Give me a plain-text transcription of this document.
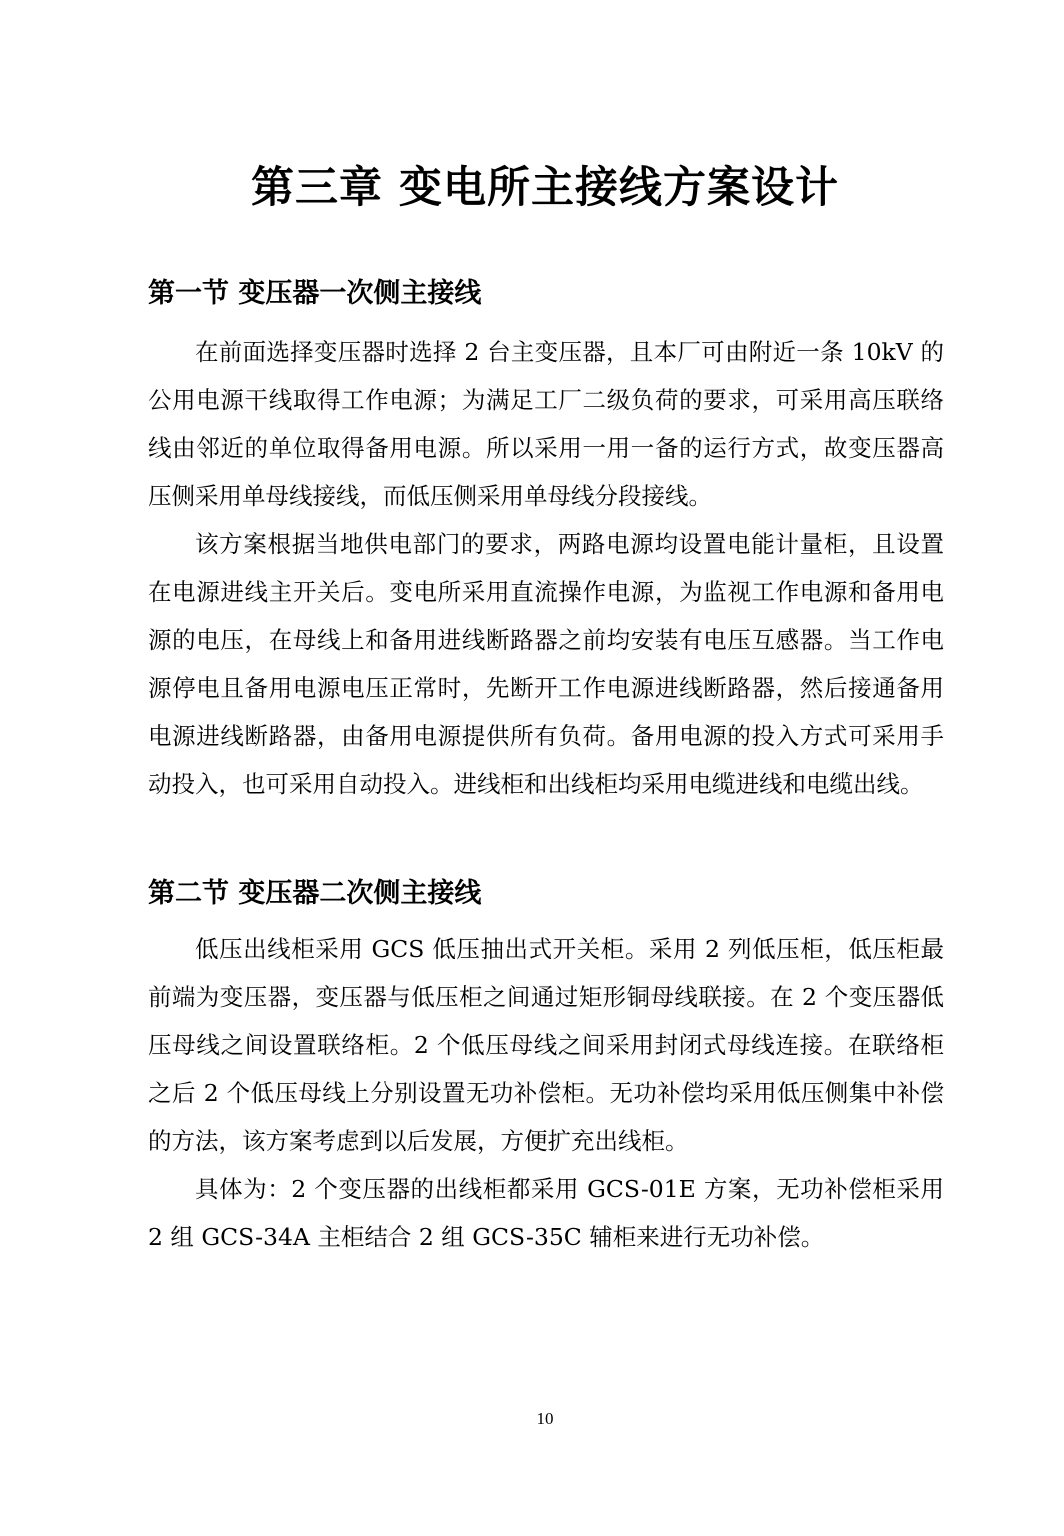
第三章 变电所主接线方案设计
第一节 变压器一次侧主接线

在前面选择变压器时选择 2 台主变压器，且本厂可由附近一条 10kV 的公用电源干线取得工作电源；为满足工厂二级负荷的要求，可采用高压联络线由邻近的单位取得备用电源。所以采用一用一备的运行方式，故变压器高压侧采用单母线接线，而低压侧采用单母线分段接线。

该方案根据当地供电部门的要求，两路电源均设置电能计量柜，且设置在电源进线主开关后。变电所采用直流操作电源，为监视工作电源和备用电源的电压，在母线上和备用进线断路器之前均安装有电压互感器。当工作电源停电且备用电源电压正常时，先断开工作电源进线断路器，然后接通备用电源进线断路器，由备用电源提供所有负荷。备用电源的投入方式可采用手动投入，也可采用自动投入。进线柜和出线柜均采用电缆进线和电缆出线。

第二节 变压器二次侧主接线

低压出线柜采用 GCS 低压抽出式开关柜。采用 2 列低压柜，低压柜最前端为变压器，变压器与低压柜之间通过矩形铜母线联接。在 2 个变压器低压母线之间设置联络柜。2 个低压母线之间采用封闭式母线连接。在联络柜之后 2 个低压母线上分别设置无功补偿柜。无功补偿均采用低压侧集中补偿的方法，该方案考虑到以后发展，方便扩充出线柜。

具体为：2 个变压器的出线柜都采用 GCS-01E 方案，无功补偿柜采用 2 组 GCS-34A 主柜结合 2 组 GCS-35C 辅柜来进行无功补偿。

10
